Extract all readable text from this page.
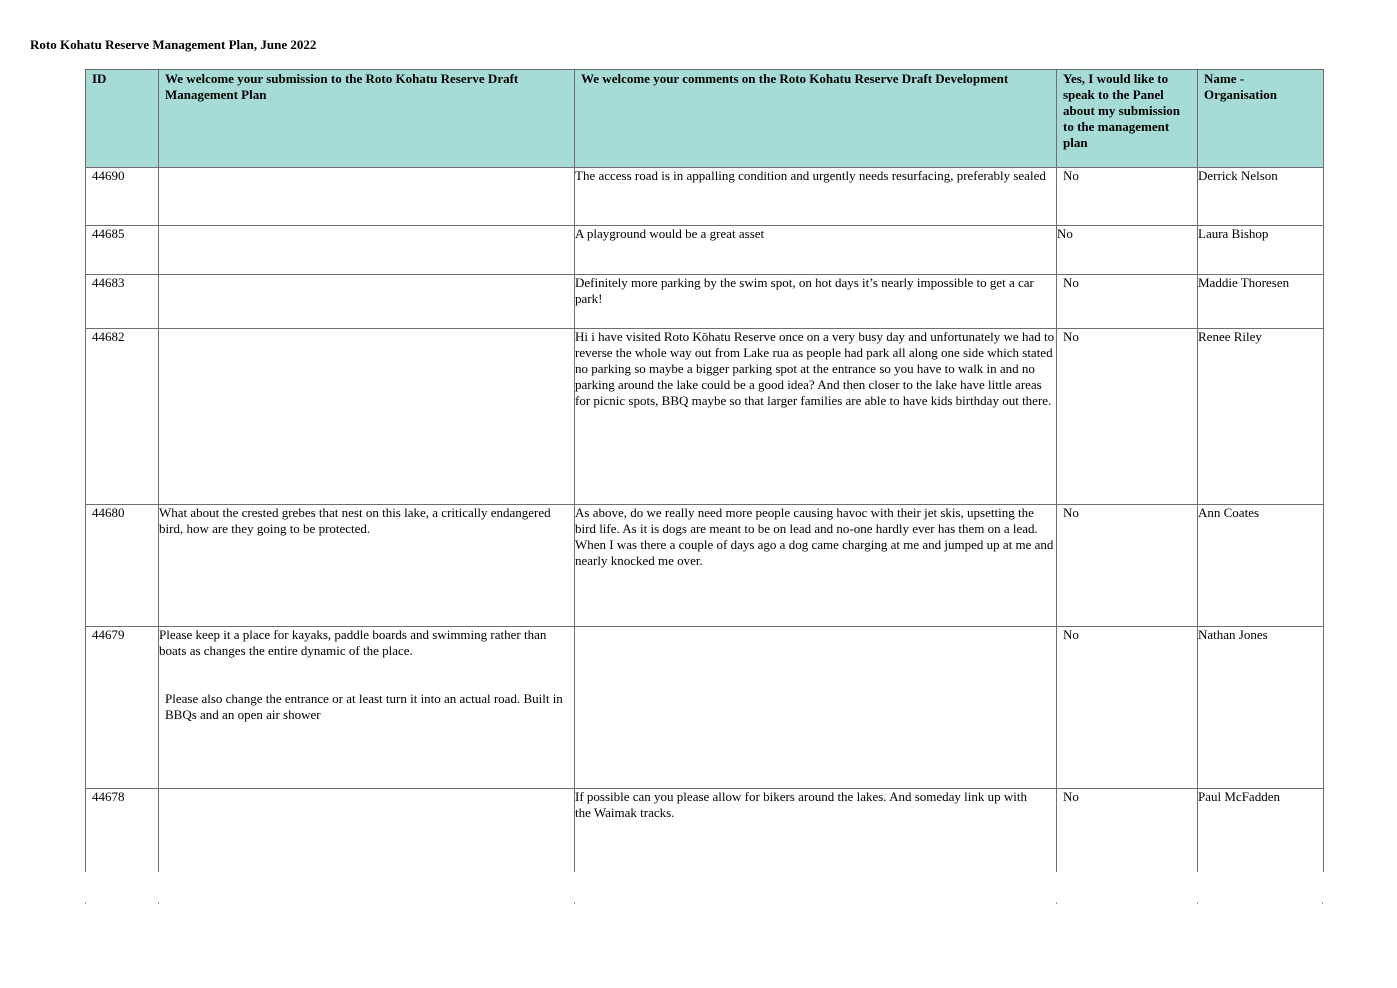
Roto Kohatu Reserve Management Plan, June 2022
ID	We welcome your submission to the Roto Kohatu Reserve Draft Management Plan	We welcome your comments on the Roto Kohatu Reserve Draft Development	Yes, I would like to speak to the Panel about my submission to the management plan	Name - Organisation
44690		The access road is in appalling condition and urgently needs resurfacing, preferably sealed	No	Derrick Nelson
44685		A playground would be a great asset	No	Laura Bishop
44683		Definitely more parking by the swim spot, on hot days it’s nearly impossible to get a car
park!	No	Maddie Thoresen
44682		Hi i have visited Roto Kōhatu Reserve once on a very busy day and unfortunately we had to reverse the whole way out from Lake rua as people had park all along one side which stated no parking so maybe a bigger parking spot at the entrance so you have to walk in and no parking around the lake could be a good idea? And then closer to the lake have little areas for picnic spots, BBQ maybe so that larger families are able to have kids birthday out there.	No	Renee Riley
44680	What about the crested grebes that nest on this lake, a critically endangered bird, how are they going to be protected.	As above, do we really need more people causing havoc with their jet skis, upsetting the bird life. As it is dogs are meant to be on lead and no-one hardly ever has them on a lead. When I was there a couple of days ago a dog came charging at me and jumped up at me and nearly knocked me over.	No	Ann Coates
44679	Please keep it a place for kayaks, paddle boards and swimming rather than
boats as changes the entire dynamic of the place.
Please also change the entrance or at least turn it into an actual road. Built in BBQs and an open air shower		No	Nathan Jones
44678		If possible can you please allow for bikers around the lakes. And someday link up with
the Waimak tracks.	No	Paul McFadden
